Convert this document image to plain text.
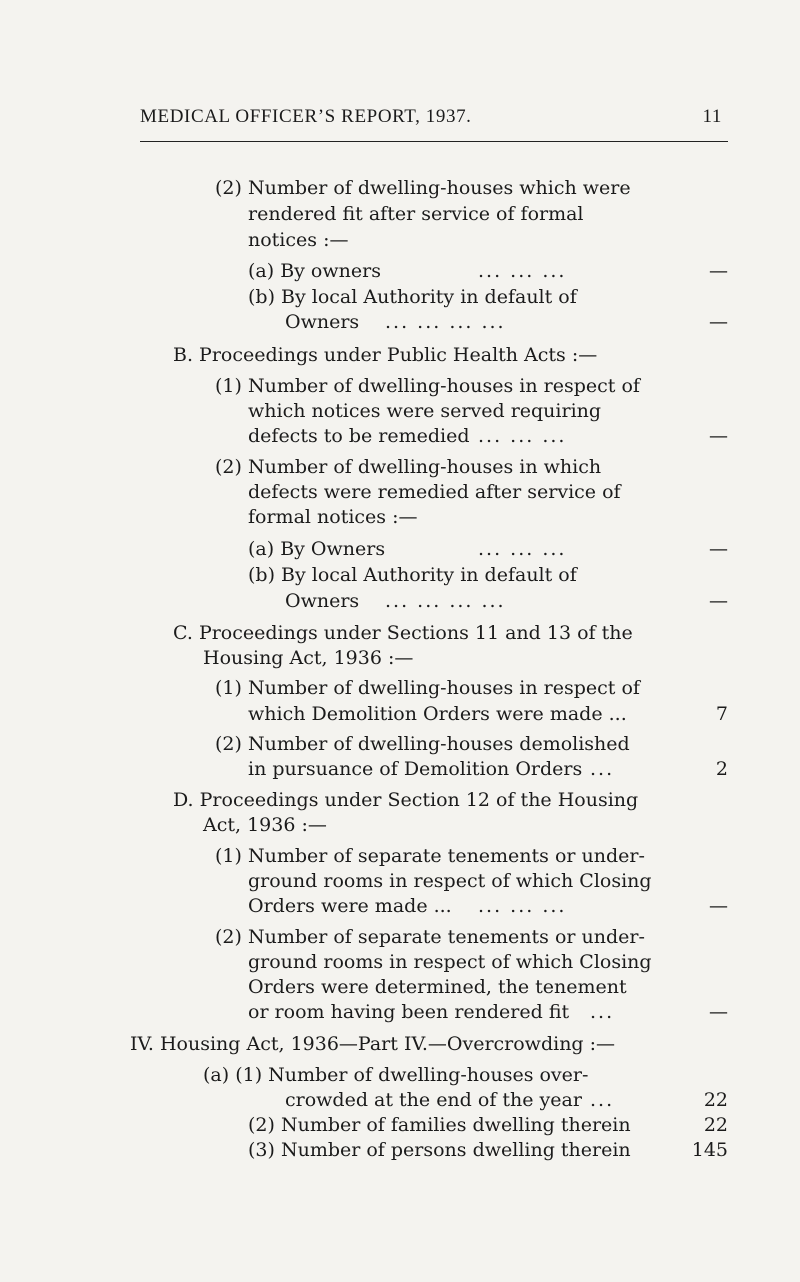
MEDICAL OFFICER’S REPORT, 1937.	11
(2) Number of dwelling-houses which were
rendered fit after service of formal
notices :—
(a) By owners	... ... ...	—
(b) By local Authority in default of
Owners ... ... ... ...	—
B. Proceedings under Public Health Acts :—
(1) Number of dwelling-houses in respect of
which notices were served requiring
defects to be remedied ... ... ...	—
(2) Number of dwelling-houses in which
defects were remedied after service of
formal notices :—
(a) By Owners	... ... ...	—
(b) By local Authority in default of
Owners ... ... ... ...	—
C. Proceedings under Sections 11 and 13 of the
Housing Act, 1936 :—
(1) Number of dwelling-houses in respect of
which Demolition Orders were made ...	7
(2) Number of dwelling-houses demolished
in pursuance of Demolition Orders ...	2
D. Proceedings under Section 12 of the Housing
Act, 1936 :—
(1) Number of separate tenements or under-
ground rooms in respect of which Closing
Orders were made ... ... ... ...	—
(2) Number of separate tenements or under-
ground rooms in respect of which Closing
Orders were determined, the tenement
or room having been rendered fit ...	—
IV. Housing Act, 1936—Part IV.—Overcrowding :—
(a) (1) Number of dwelling-houses over-
crowded at the end of the year ...	22
(2) Number of families dwelling therein	22
(3) Number of persons dwelling therein	145
